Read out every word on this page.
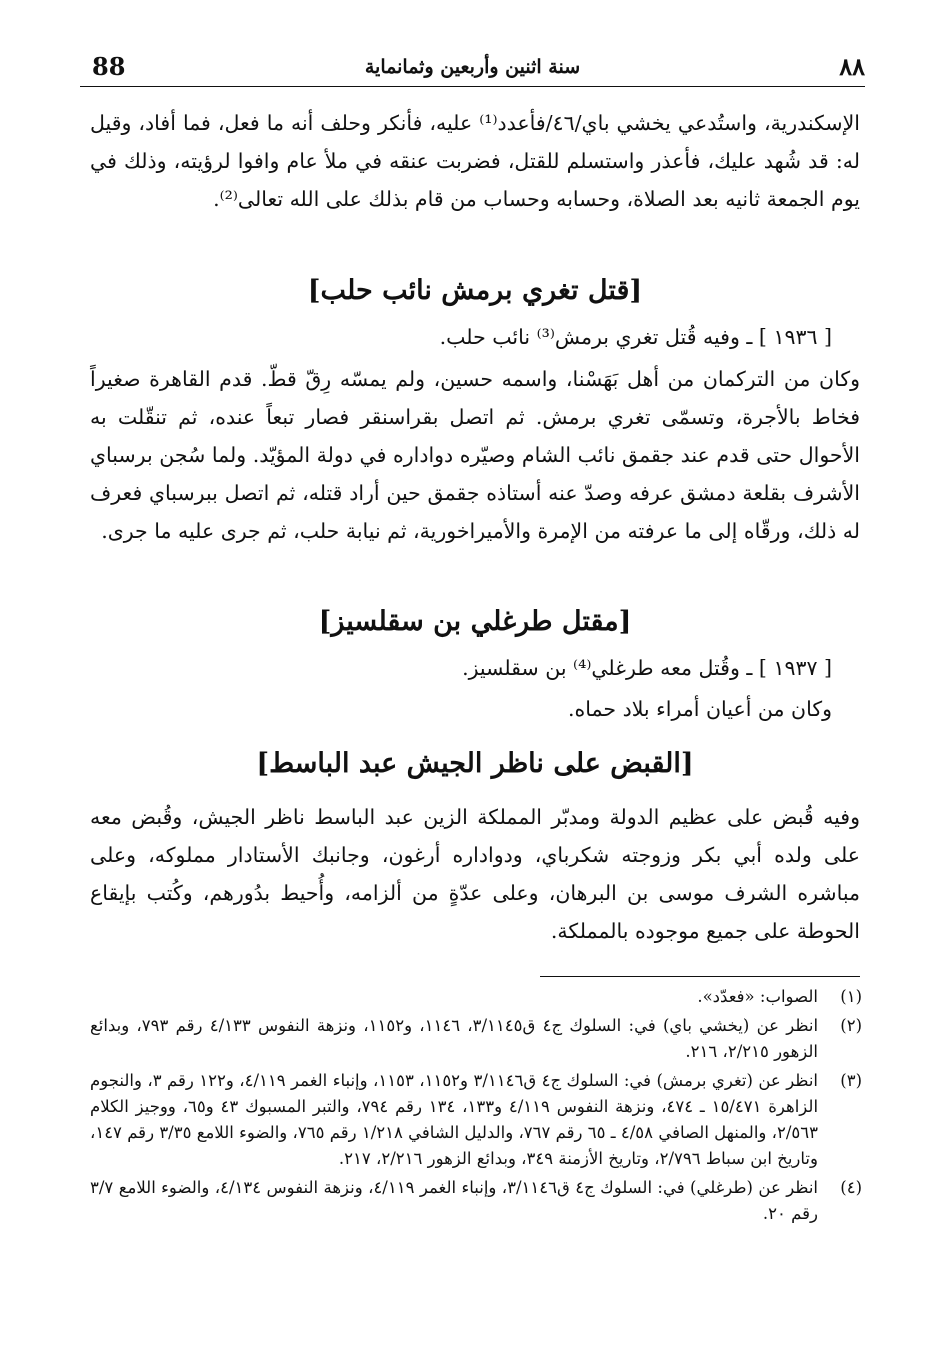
88	سنة اثنين وأربعين وثمانماية	٨٨
الإسكندرية، واستُدعي يخشي باي/٤٦/فأعدد⁽¹⁾ عليه، فأنكر وحلف أنه ما فعل، فما أفاد، وقيل له: قد شُهد عليك، فأعذر واستسلم للقتل، فضربت عنقه في ملأ عام وافوا لرؤيته، وذلك في يوم الجمعة ثانيه بعد الصلاة، وحسابه وحساب من قام بذلك على الله تعالى⁽²⁾.
[قتل تغري برمش نائب حلب]
[ ١٩٣٦ ] ـ وفيه قُتل تغري برمش⁽³⁾ نائب حلب.
وكان من التركمان من أهل بَهَسْنا، واسمه حسين، ولم يمسّه رِقّ قطّ. قدم القاهرة صغيراً فخاط بالأجرة، وتسمّى تغري برمش. ثم اتصل بقراسنقر فصار تبعاً عنده، ثم تنقّلت به الأحوال حتى قدم عند جقمق نائب الشام وصيّره دواداره في دولة المؤيّد. ولما سُجن برسباي الأشرف بقلعة دمشق عرفه وصدّ عنه أستاذه جقمق حين أراد قتله، ثم اتصل ببرسباي فعرف له ذلك، ورقّاه إلى ما عرفته من الإمرة والأميراخورية، ثم نيابة حلب، ثم جرى عليه ما جرى.
[مقتل طرغلي بن سقلسيز]
[ ١٩٣٧ ] ـ وقُتل معه طرغلي⁽⁴⁾ بن سقلسيز.
وكان من أعيان أمراء بلاد حماه.
[القبض على ناظر الجيش عبد الباسط]
وفيه قُبض على عظيم الدولة ومدبّر المملكة الزين عبد الباسط ناظر الجيش، وقُبض معه على ولده أبي بكر وزوجته شكرباي، ودواداره أرغون، وجانبك الأستادار مملوكه، وعلى مباشره الشرف موسى بن البرهان، وعلى عدّةٍ من ألزامه، وأُحيط بدُورهم، وكُتب بإيقاع الحوطة على جميع موجوده بالمملكة.
(١)
الصواب: «فعدّد».
(٢)
انظر عن (يخشي باي) في: السلوك ج٤ ق٣/١١٤٥، ١١٤٦، و١١٥٢، ونزهة النفوس ٤/١٣٣ رقم ٧٩٣، وبدائع الزهور ٢/٢١٥، ٢١٦.
(٣)
انظر عن (تغري برمش) في: السلوك ج٤ ق٣/١١٤٦ و١١٥٢، ١١٥٣، وإنباء الغمر ٤/١١٩، و١٢٢ رقم ٣، والنجوم الزاهرة ١٥/٤٧١ ـ ٤٧٤، ونزهة النفوس ٤/١١٩ و١٣٣، ١٣٤ رقم ٧٩٤، والتبر المسبوك ٤٣ و٦٥، ووجيز الكلام ٢/٥٦٣، والمنهل الصافي ٤/٥٨ ـ ٦٥ رقم ٧٦٧، والدليل الشافي ١/٢١٨ رقم ٧٦٥، والضوء اللامع ٣/٣٥ رقم ١٤٧، وتاريخ ابن سباط ٢/٧٩٦، وتاريخ الأزمنة ٣٤٩، وبدائع الزهور ٢/٢١٦، ٢١٧.
(٤)
انظر عن (طرغلي) في: السلوك ج٤ ق٣/١١٤٦، وإنباء الغمر ٤/١١٩، ونزهة النفوس ٤/١٣٤، والضوء اللامع ٣/٧ رقم ٢٠.
